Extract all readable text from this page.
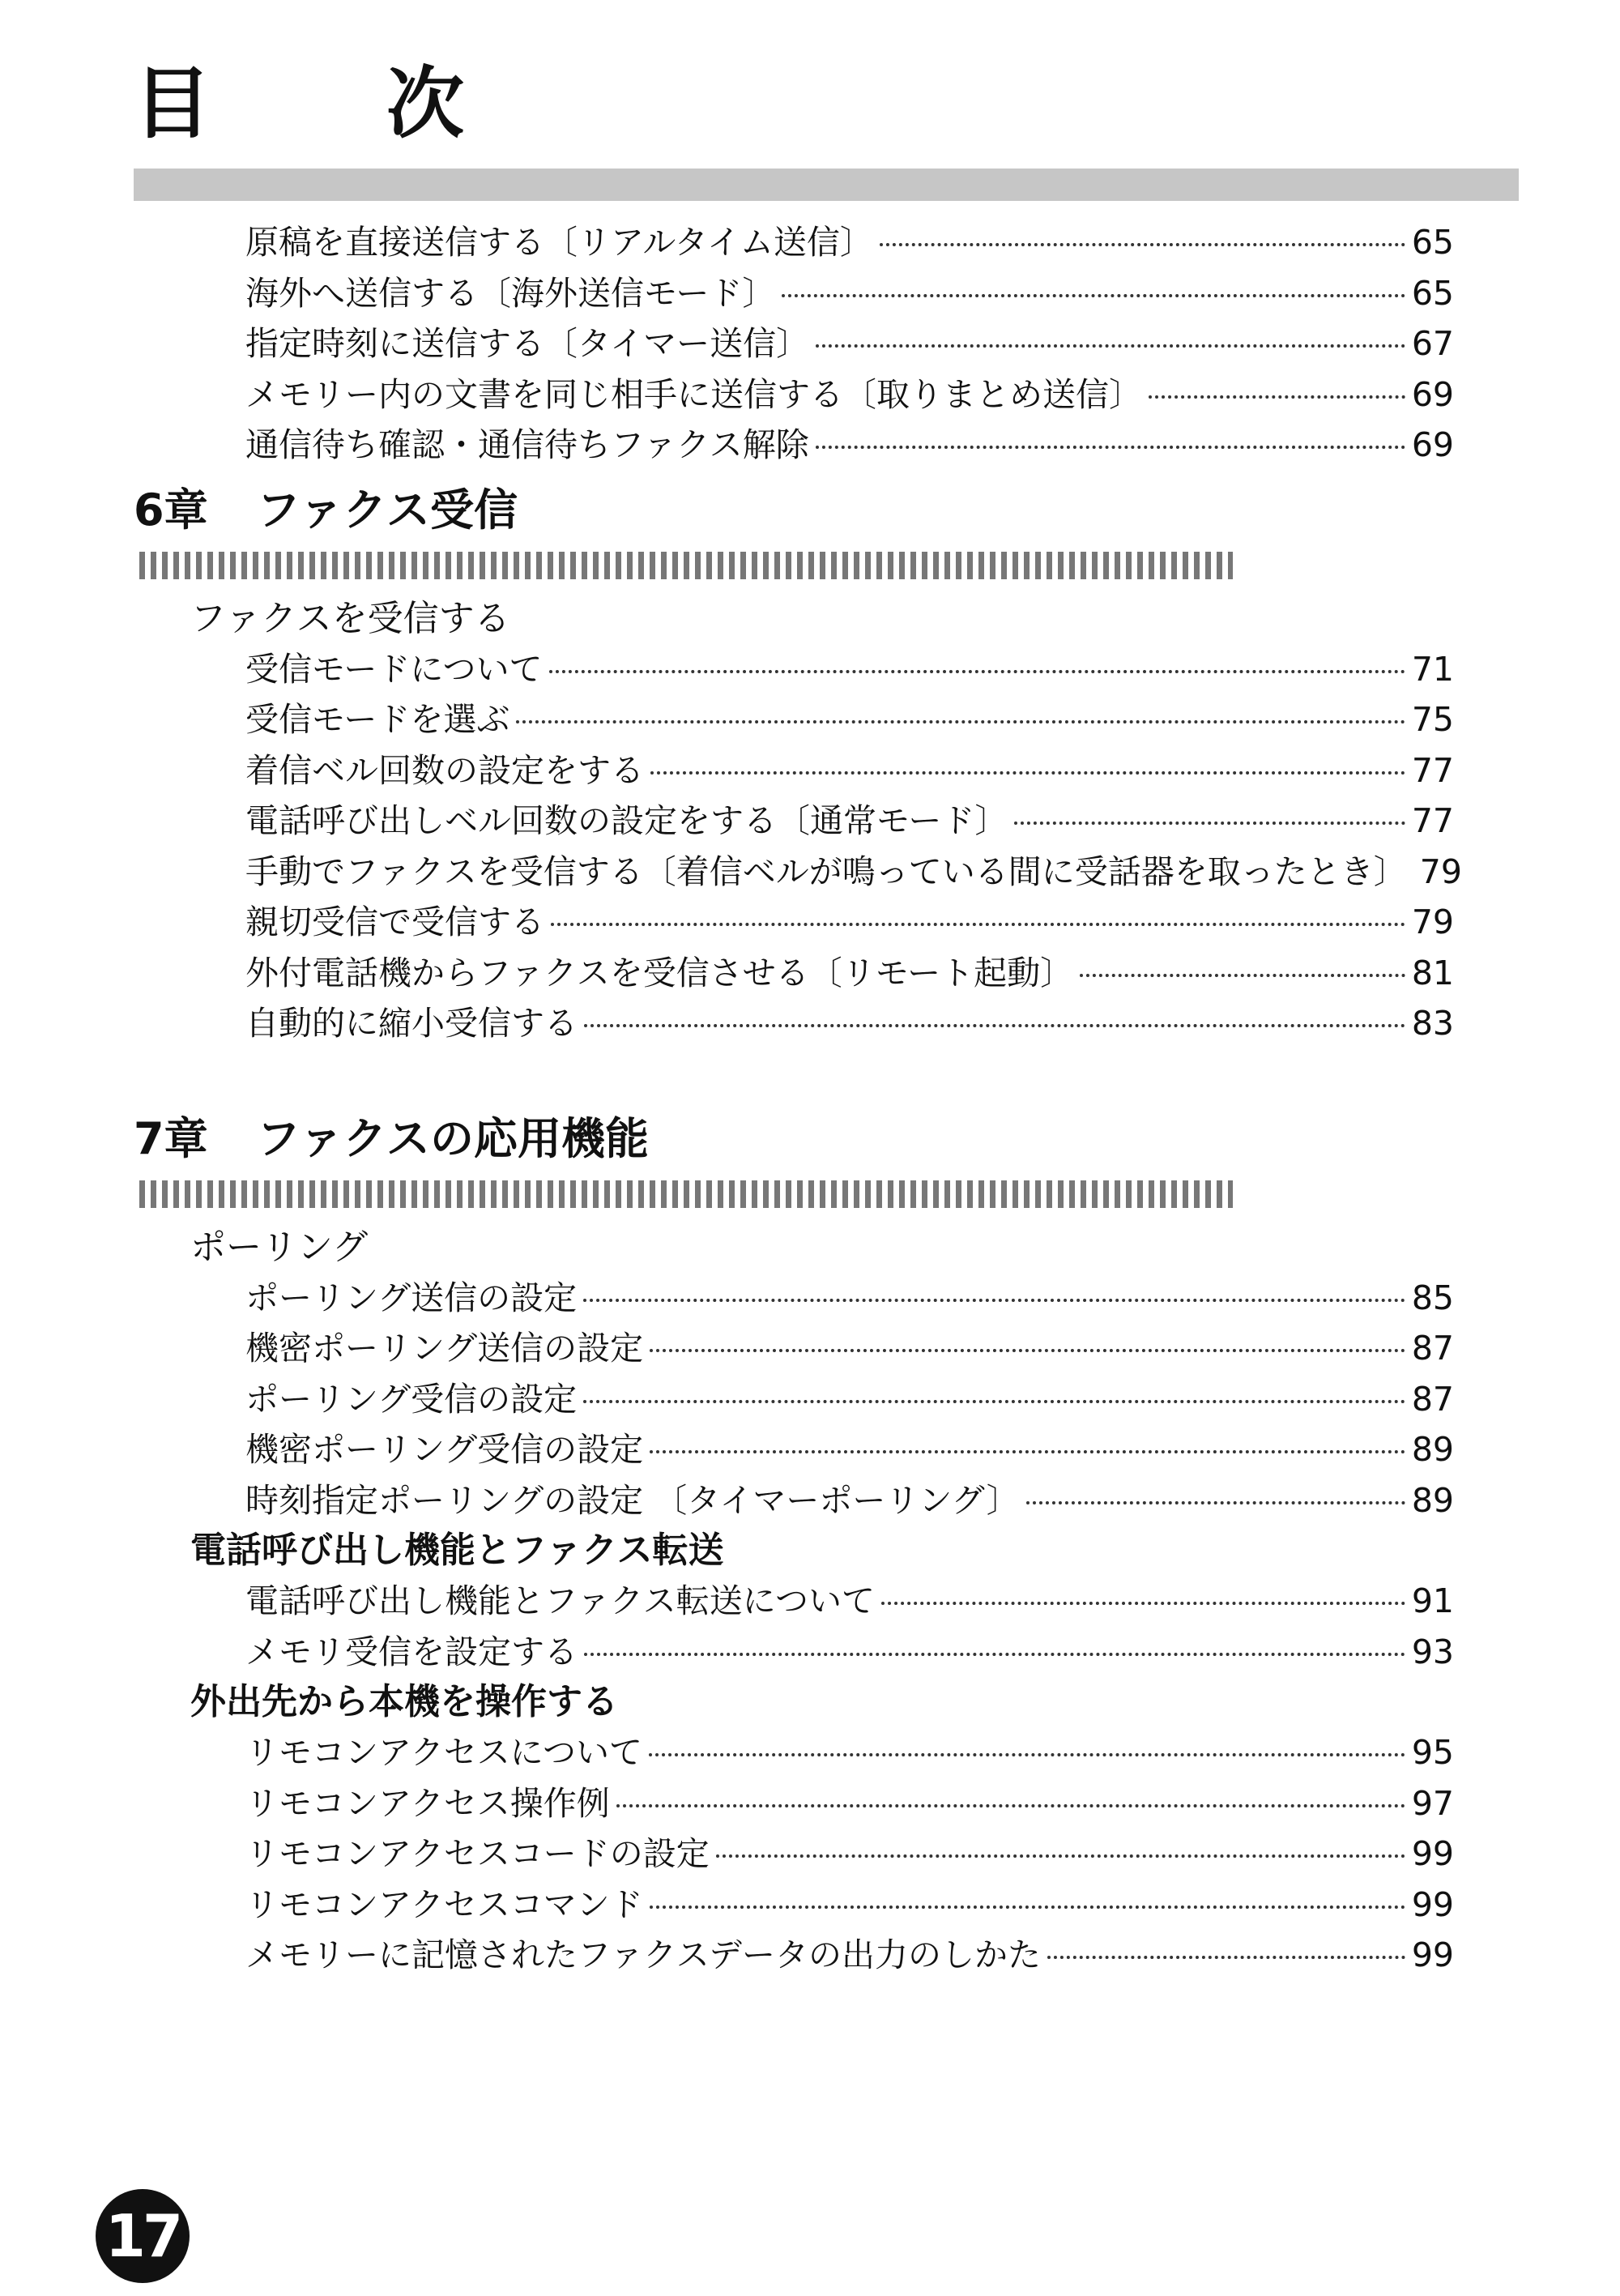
目　次
原稿を直接送信する〔リアルタイム送信〕	65
海外へ送信する〔海外送信モード〕	65
指定時刻に送信する〔タイマー送信〕	67
メモリー内の文書を同じ相手に送信する〔取りまとめ送信〕	69
通信待ち確認・通信待ちファクス解除	69
6章 ファクス受信
ファクスを受信する
受信モードについて	71
受信モードを選ぶ	75
着信ベル回数の設定をする	77
電話呼び出しベル回数の設定をする〔通常モード〕	77
手動でファクスを受信する〔着信ベルが鳴っている間に受話器を取ったとき〕 79
親切受信で受信する	79
外付電話機からファクスを受信させる〔リモート起動〕	81
自動的に縮小受信する	83
7章 ファクスの応用機能
ポーリング
ポーリング送信の設定	85
機密ポーリング送信の設定	87
ポーリング受信の設定	87
機密ポーリング受信の設定	89
時刻指定ポーリングの設定 〔タイマーポーリング〕	89
電話呼び出し機能とファクス転送
電話呼び出し機能とファクス転送について	91
メモリ受信を設定する	93
外出先から本機を操作する
リモコンアクセスについて	95
リモコンアクセス操作例	97
リモコンアクセスコードの設定	99
リモコンアクセスコマンド	99
メモリーに記憶されたファクスデータの出力のしかた	99
17
